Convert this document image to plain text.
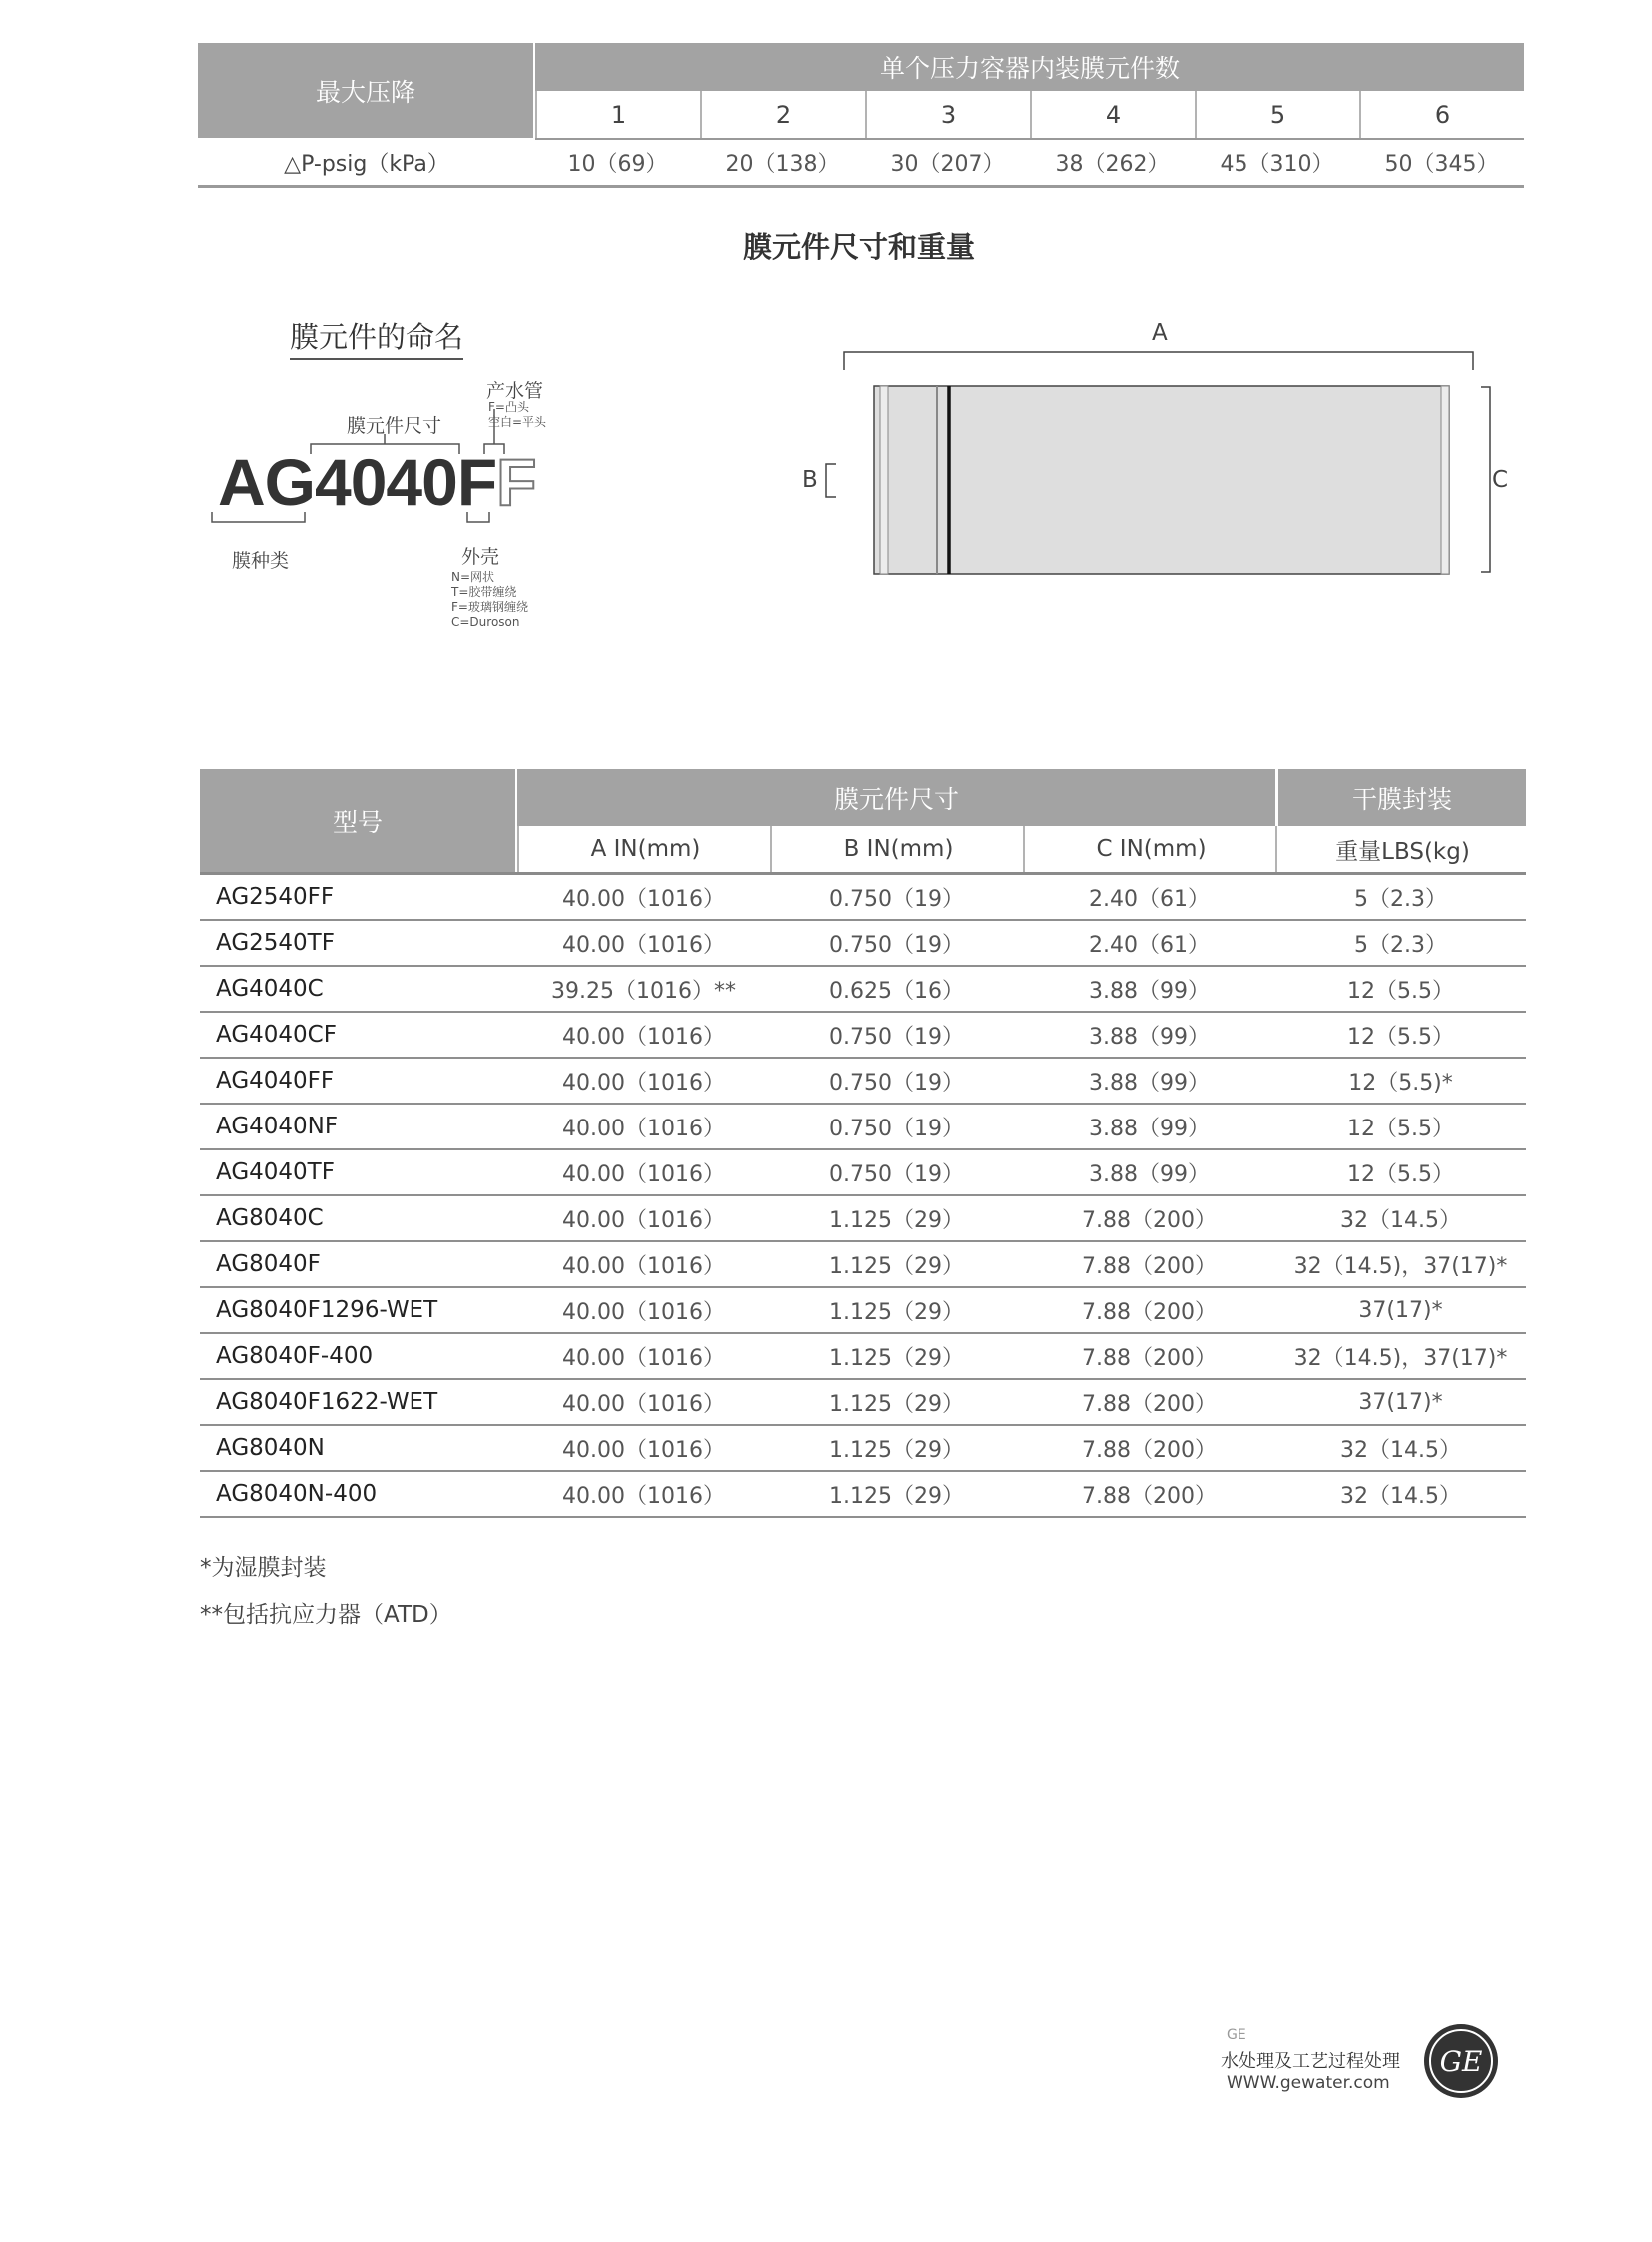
最大压降
单个压力容器内装膜元件数
1	2	3	4	5	6
△P-psig（kPa）	10（69）	20（138）	30（207）	38（262）	45（310）	50（345）
膜元件尺寸和重量
膜元件的命名
膜元件尺寸
产水管
F=凸头
空白=平头
AG4040FF
膜种类	外壳
N=网状
T=胶带缠绕
F=玻璃钢缠绕
C=Duroson
A
B	C
型号
膜元件尺寸	干膜封装
A IN(mm)	B IN(mm)	C IN(mm)	重量LBS(kg)
AG2540FF	40.00（1016）	0.750（19）	2.40（61）	5（2.3）
AG2540TF	40.00（1016）	0.750（19）	2.40（61）	5（2.3）
AG4040C	39.25（1016）**	0.625（16）	3.88（99）	12（5.5）
AG4040CF	40.00（1016）	0.750（19）	3.88（99）	12（5.5）
AG4040FF	40.00（1016）	0.750（19）	3.88（99）	12（5.5)*
AG4040NF	40.00（1016）	0.750（19）	3.88（99）	12（5.5）
AG4040TF	40.00（1016）	0.750（19）	3.88（99）	12（5.5）
AG8040C	40.00（1016）	1.125（29）	7.88（200）	32（14.5）
AG8040F	40.00（1016）	1.125（29）	7.88（200）	32（14.5)，37(17)*
AG8040F1296-WET	40.00（1016）	1.125（29）	7.88（200）	37(17)*
AG8040F-400	40.00（1016）	1.125（29）	7.88（200）	32（14.5)，37(17)*
AG8040F1622-WET	40.00（1016）	1.125（29）	7.88（200）	37(17)*
AG8040N	40.00（1016）	1.125（29）	7.88（200）	32（14.5）
AG8040N-400	40.00（1016）	1.125（29）	7.88（200）	32（14.5）
*为湿膜封装
**包括抗应力器（ATD）
GE
水处理及工艺过程处理
WWW.gewater.com
GE
